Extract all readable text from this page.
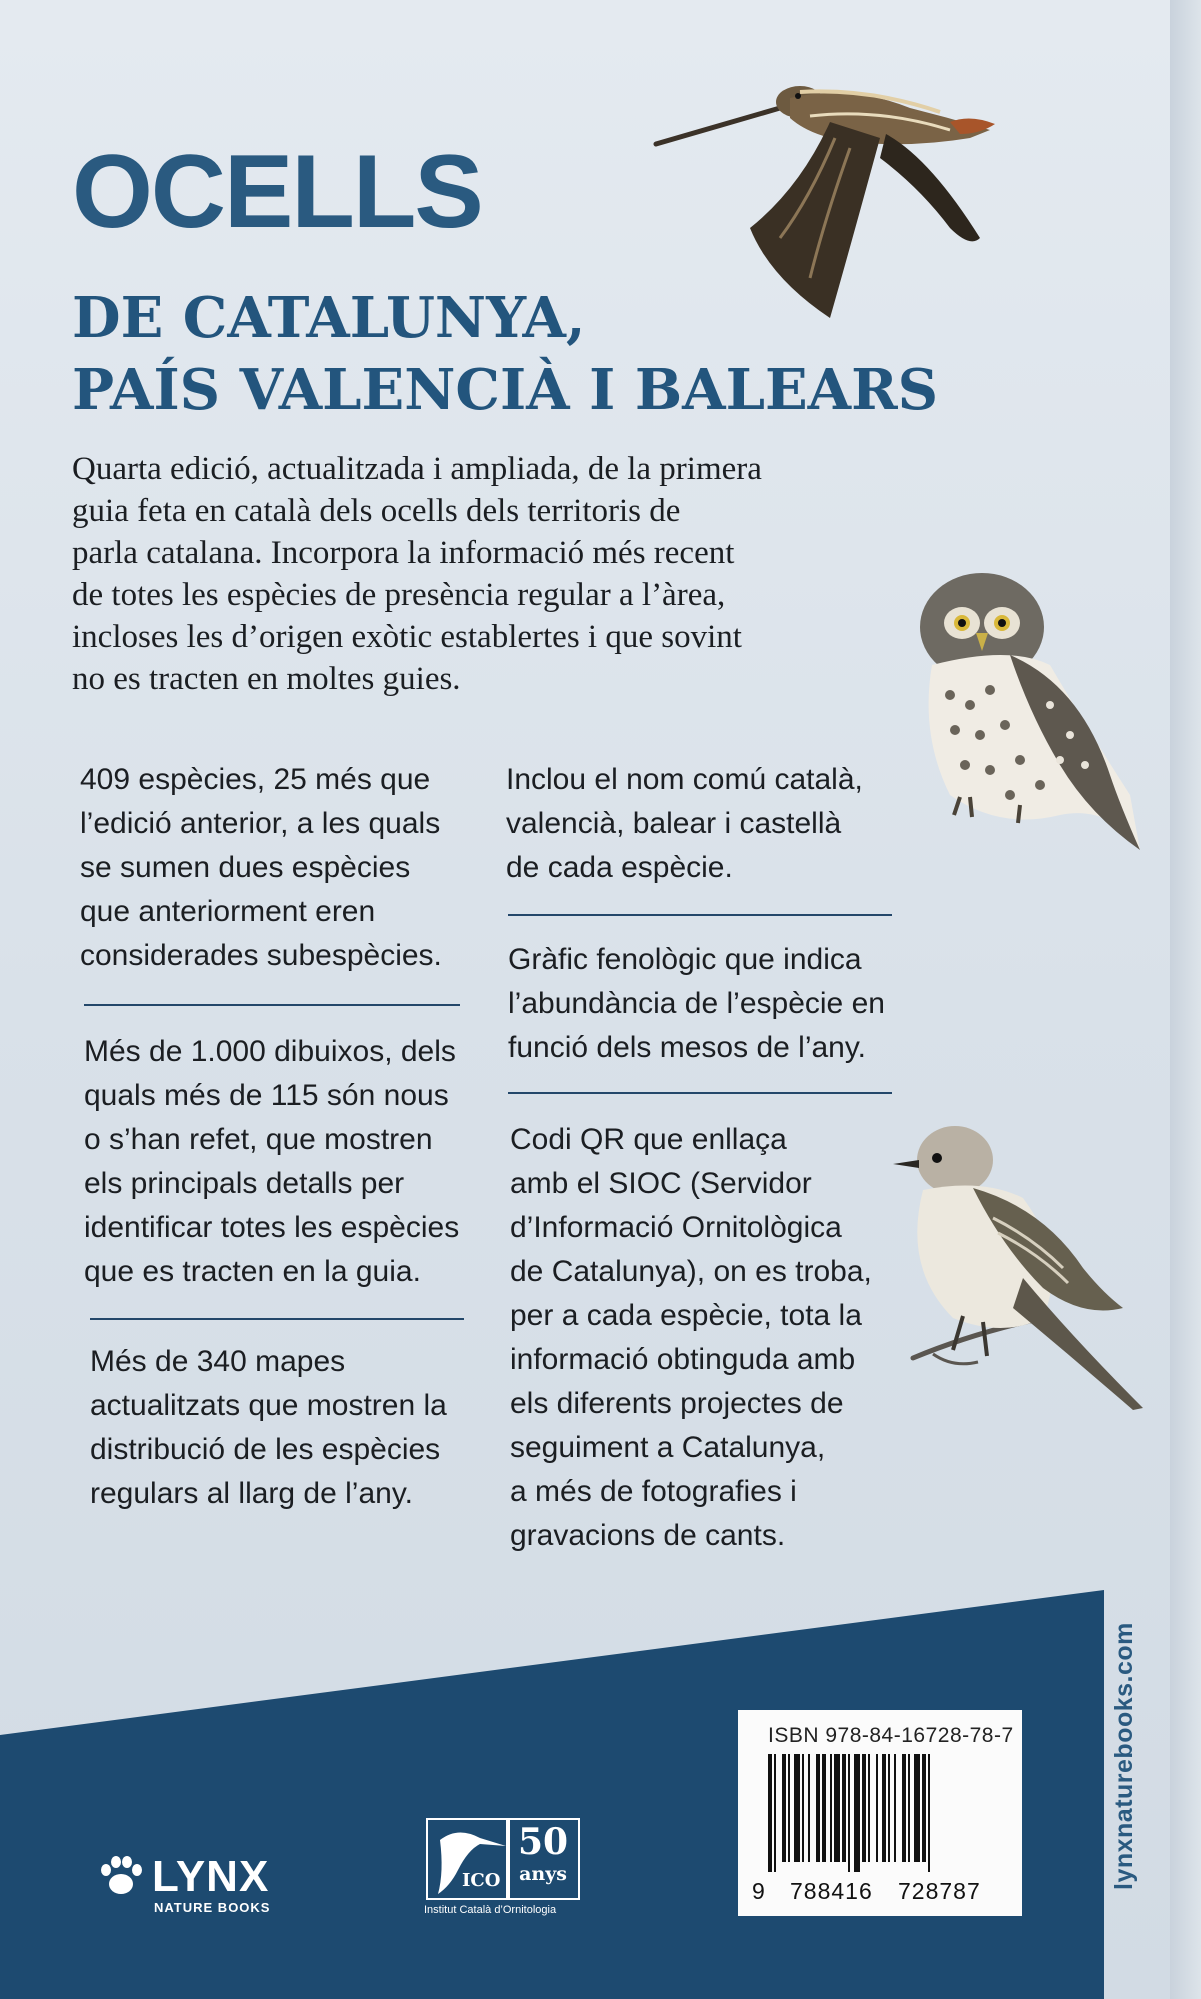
OCELLS
DE CATALUNYA,
PAÍS VALENCIÀ I BALEARS
Quarta edició, actualitzada i ampliada, de la primera
guia feta en català dels ocells dels territoris de
parla catalana. Incorpora la informació més recent
de totes les espècies de presència regular a l’àrea,
incloses les d’origen exòtic establertes i que sovint
no es tracten en moltes guies.

409 espècies, 25 més que

l’edició anterior, a les quals

se sumen dues espècies

que anteriorment eren

considerades subespècies.

Més de 1.000 dibuixos, dels

quals més de 115 són nous

o s’han refet, que mostren

els principals detalls per

identificar totes les espècies

que es tracten en la guia.

Més de 340 mapes

actualitzats que mostren la

distribució de les espècies

regulars al llarg de l’any.

Inclou el nom comú català,

valencià, balear i castellà

de cada espècie.

Gràfic fenològic que indica

l’abundància de l’espècie en

funció dels mesos de l’any.

Codi QR que enllaça

amb el SIOC (Servidor

d’Informació Ornitològica

de Catalunya), on es troba,

per a cada espècie, tota la

informació obtinguda amb

els diferents projectes de

seguiment a Catalunya,

a més de fotografies i

gravacions de cants.

ISBN 978-84-16728-78-7
9 788416 728787
LYNX
NATURE BOOKS
ICO
50
anys
Institut Català d’Ornitologia
lynxnaturebooks.com
